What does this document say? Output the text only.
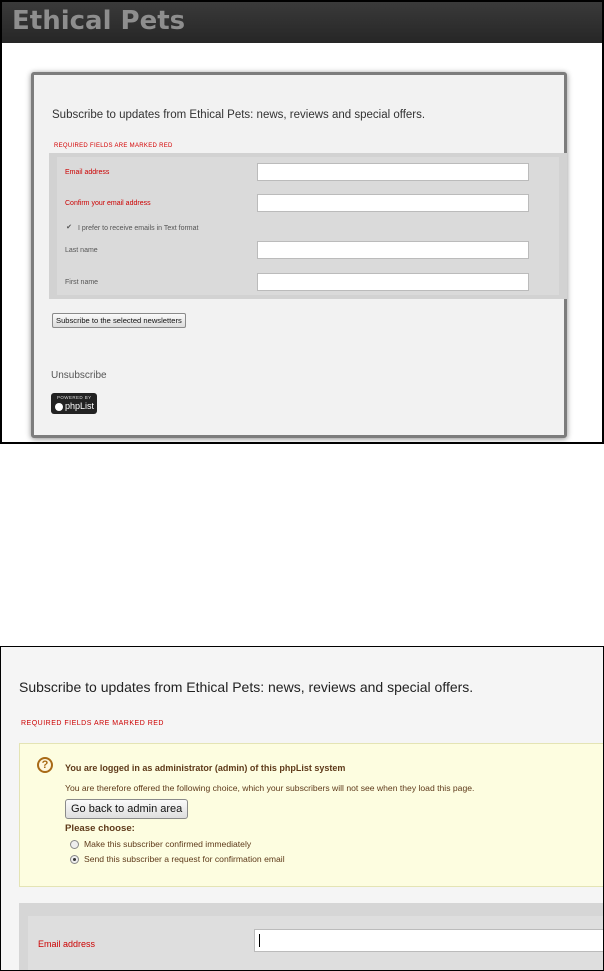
Ethical Pets
Subscribe to updates from Ethical Pets: news, reviews and special offers.
REQUIRED FIELDS ARE MARKED RED
Email address
Confirm your email address
✔ I prefer to receive emails in Text format
Last name
First name
Subscribe to the selected newsletters
Unsubscribe
POWERED BY
phpList
Subscribe to updates from Ethical Pets: news, reviews and special offers.
REQUIRED FIELDS ARE MARKED RED
?	You are logged in as administrator (admin) of this phpList system
You are therefore offered the following choice, which your subscribers will not see when they load this page.
Go back to admin area
Please choose:
Make this subscriber confirmed immediately
Send this subscriber a request for confirmation email
Email address
